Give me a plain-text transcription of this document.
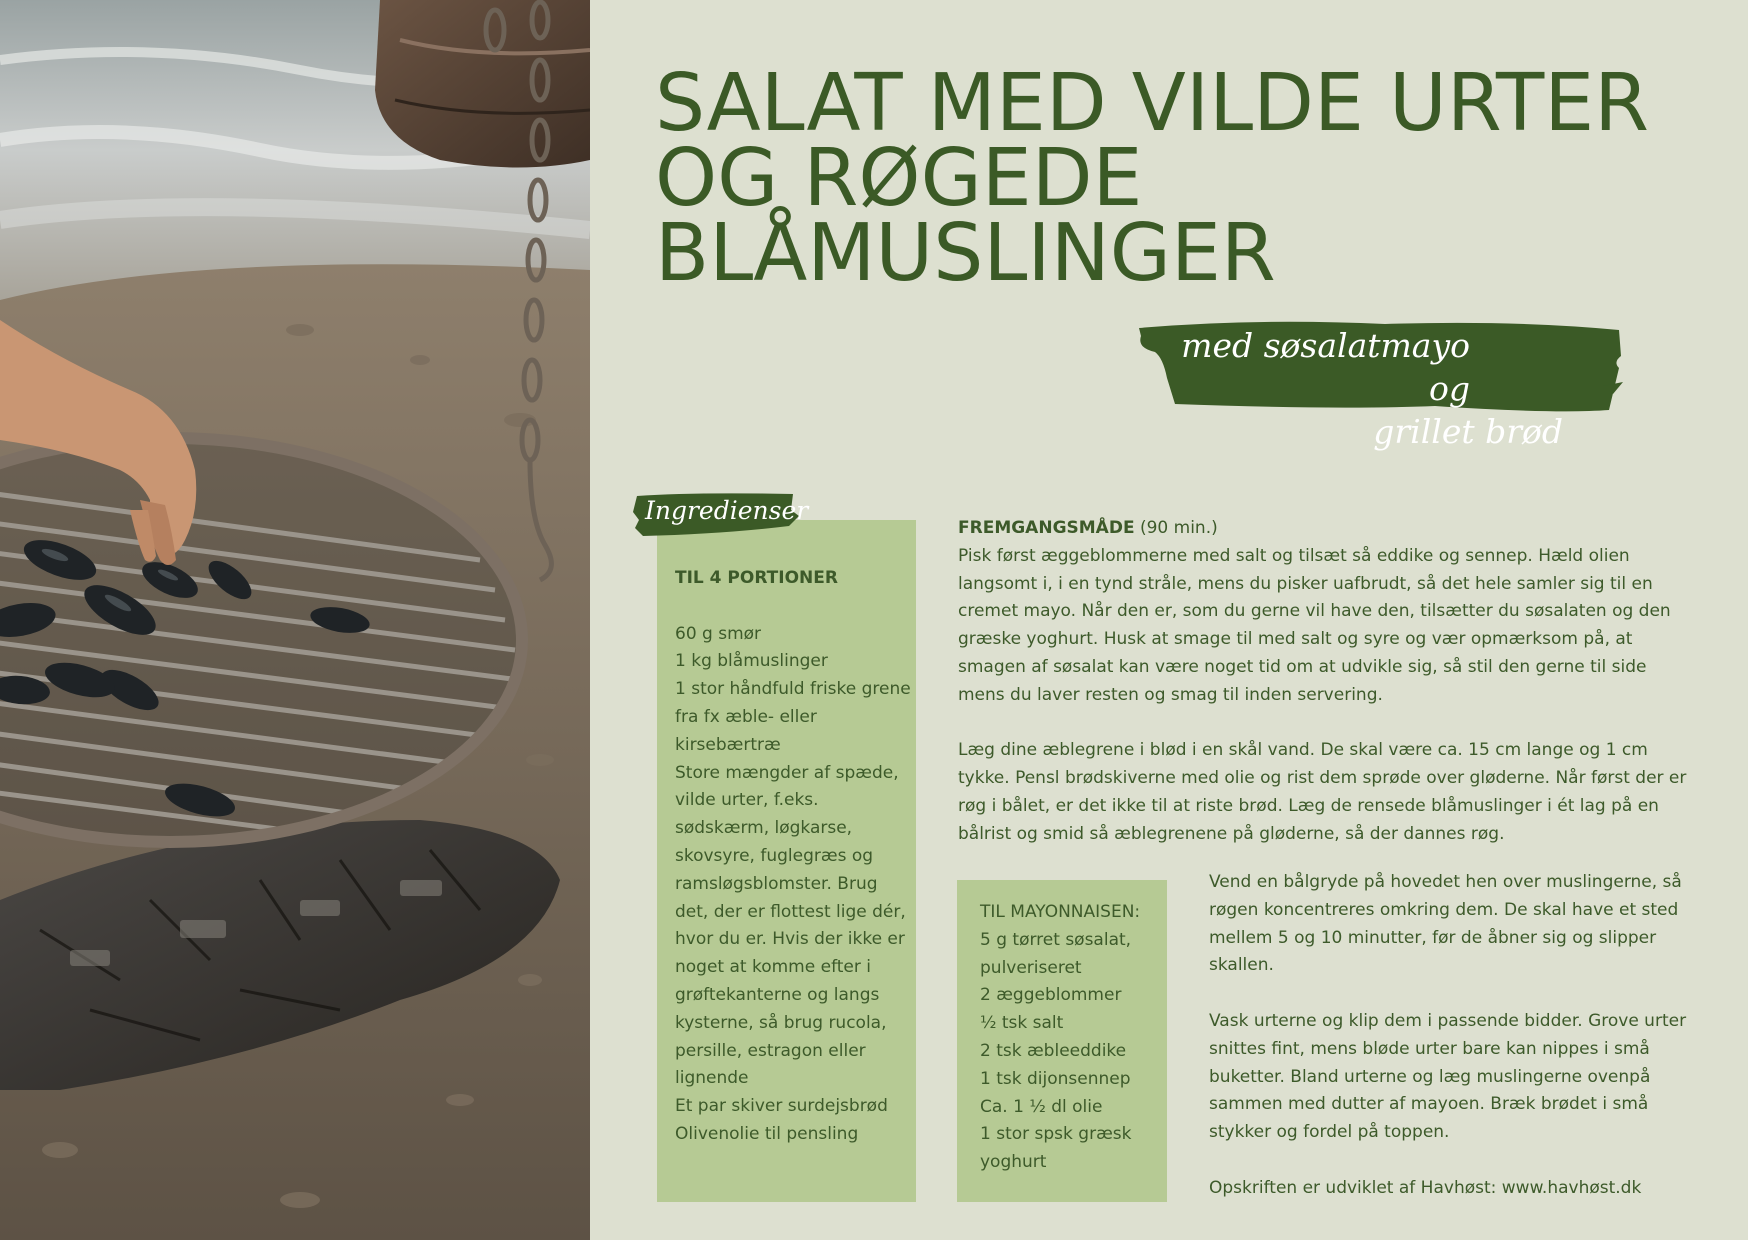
SALAT MED VILDE URTER
OG RØGEDE
BLÅMUSLINGER
med søsalatmayo og
grillet brød
Ingredienser
TIL 4 PORTIONER
60 g smør
1 kg blåmuslinger
1 stor håndfuld friske grene fra fx æble- eller kirsebærtræ
Store mængder af spæde, vilde urter, f.eks. sødskærm, løgkarse, skovsyre, fuglegræs og ramsløgsblomster. Brug det, der er flottest lige dér, hvor du er. Hvis der ikke er noget at komme efter i grøftekanterne og langs kysterne, så brug rucola, persille, estragon eller lignende
Et par skiver surdejsbrød
Olivenolie til pensling

FREMGANGSMÅDE (90 min.)
Pisk først æggeblommerne med salt og tilsæt så eddike og sennep. Hæld olien langsomt i, i en tynd stråle, mens du pisker uafbrudt, så det hele samler sig til en cremet mayo. Når den er, som du gerne vil have den, tilsætter du søsalaten og den græske yoghurt. Husk at smage til med salt og syre og vær opmærksom på, at smagen af søsalat kan være noget tid om at udvikle sig, så stil den gerne til side mens du laver resten og smag til inden servering.

Læg dine æblegrene i blød i en skål vand. De skal være ca. 15 cm lange og 1 cm tykke. Pensl brødskiverne med olie og rist dem sprøde over gløderne. Når først der er røg i bålet, er det ikke til at riste brød. Læg de rensede blåmuslinger i ét lag på en bålrist og smid så æblegrenene på gløderne, så der dannes røg.

TIL MAYONNAISEN:
5 g tørret søsalat, pulveriseret
2 æggeblommer
½ tsk salt
2 tsk æbleeddike
1 tsk dijonsennep
Ca. 1 ½ dl olie
1 stor spsk græsk yoghurt

Vend en bålgryde på hovedet hen over muslingerne, så røgen koncentreres omkring dem. De skal have et sted mellem 5 og 10 minutter, før de åbner sig og slipper skallen.

Vask urterne og klip dem i passende bidder. Grove urter snittes fint, mens bløde urter bare kan nippes i små buketter. Bland urterne og læg muslingerne ovenpå sammen med dutter af mayoen. Bræk brødet i små stykker og fordel på toppen.

Opskriften er udviklet af Havhøst: www.havhøst.dk
